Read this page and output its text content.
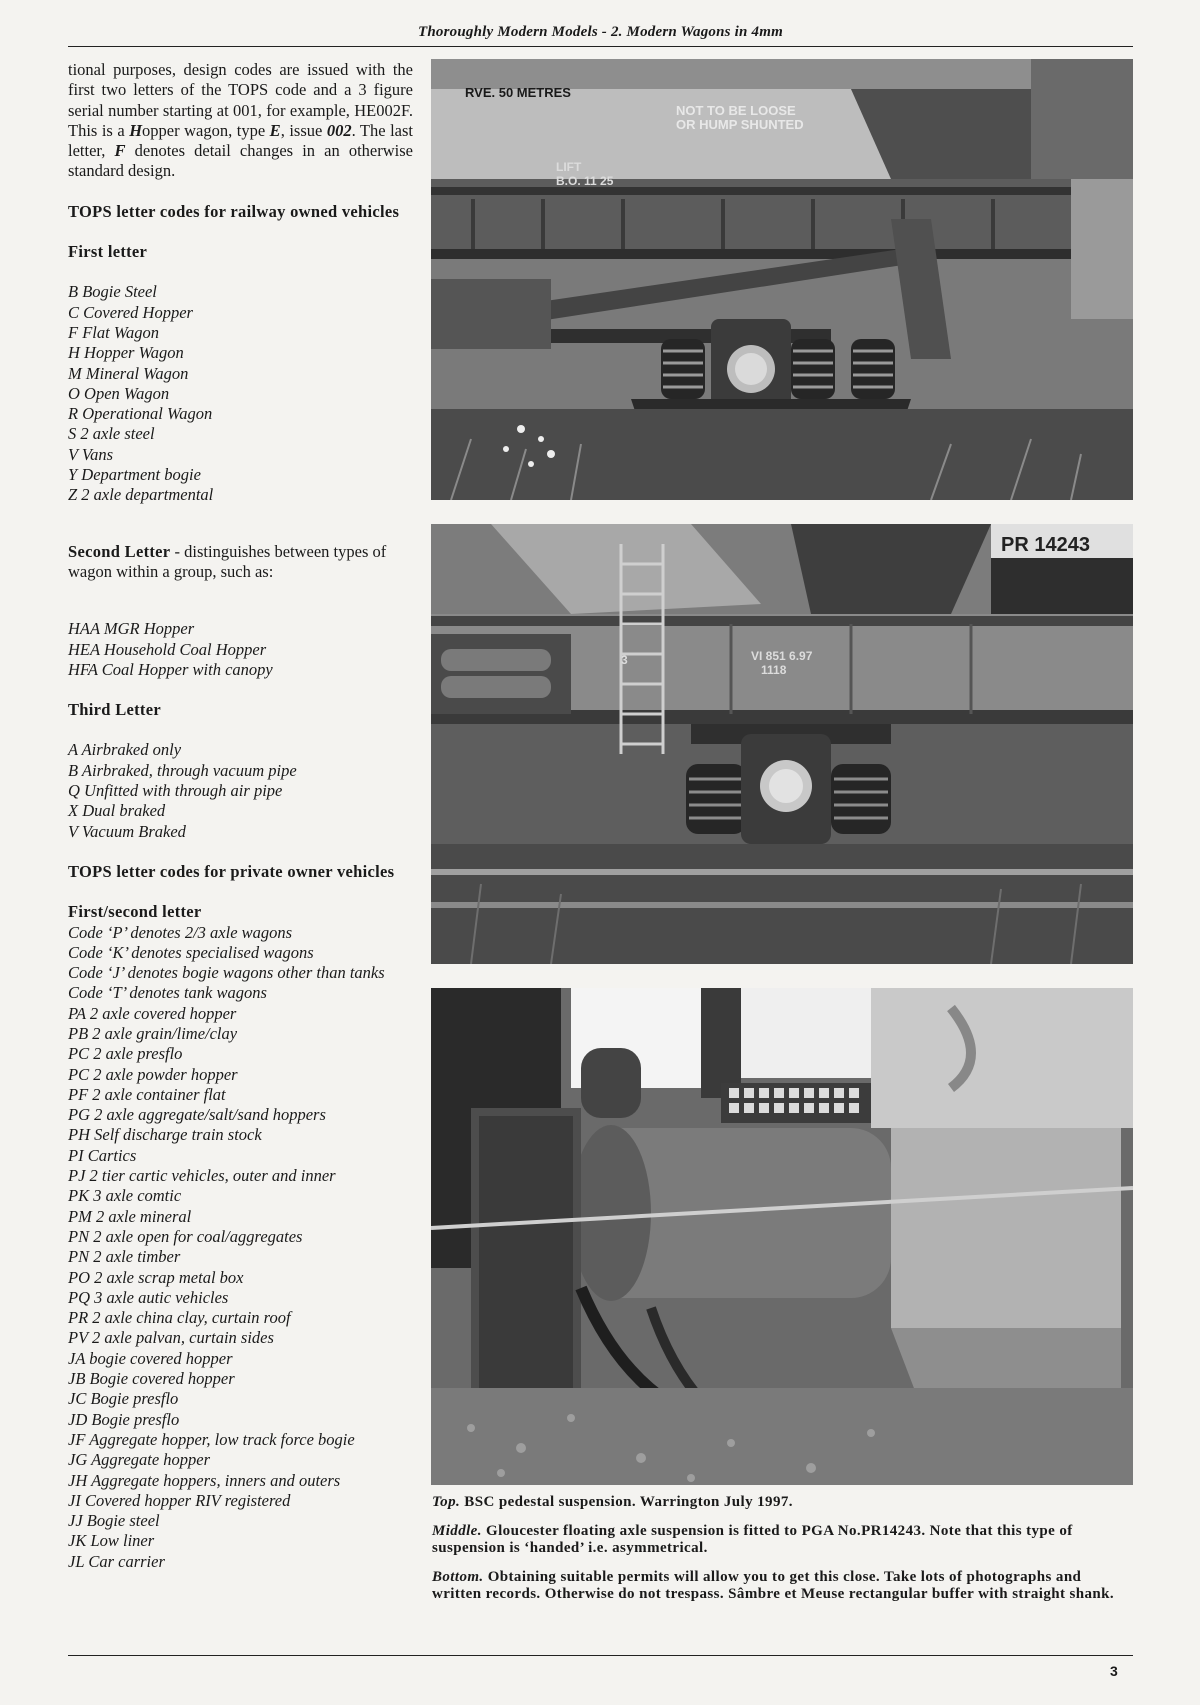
Thoroughly Modern Models - 2. Modern Wagons in 4mm

tional purposes, design codes are issued with the first two letters of the TOPS code and a 3 figure serial number starting at 001, for example, HE002F. This is a Hopper wagon, type E, issue 002. The last letter, F denotes detail changes in an otherwise standard design.

TOPS letter codes for railway owned vehicles

First letter

B Bogie Steel
C Covered Hopper
F Flat Wagon
H Hopper Wagon
M Mineral Wagon
O Open Wagon
R Operational Wagon
S 2 axle steel
V Vans
Y Department bogie
Z 2 axle departmental

Second Letter - distinguishes between types of wagon within a group, such as:

HAA MGR Hopper
HEA Household Coal Hopper
HFA Coal Hopper with canopy

Third Letter

A Airbraked only
B Airbraked, through vacuum pipe
Q Unfitted with through air pipe
X Dual braked
V Vacuum Braked

TOPS letter codes for private owner vehicles

First/second letter

Code ‘P’ denotes 2/3 axle wagons
Code ‘K’ denotes specialised wagons
Code ‘J’ denotes bogie wagons other than tanks
Code ‘T’ denotes tank wagons
PA 2 axle covered hopper
PB 2 axle grain/lime/clay
PC 2 axle presflo
PC 2 axle powder hopper
PF 2 axle container flat
PG 2 axle aggregate/salt/sand hoppers
PH Self discharge train stock
PI Cartics
PJ 2 tier cartic vehicles, outer and inner
PK 3 axle comtic
PM 2 axle mineral
PN 2 axle open for coal/aggregates
PN 2 axle timber
PO 2 axle scrap metal box
PQ 3 axle autic vehicles
PR 2 axle china clay, curtain roof
PV 2 axle palvan, curtain sides
JA bogie covered hopper
JB Bogie covered hopper
JC Bogie presflo
JD Bogie presflo
JF Aggregate hopper, low track force bogie
JG Aggregate hopper
JH Aggregate hoppers, inners and outers
JI Covered hopper RIV registered
JJ Bogie steel
JK Low liner
JL Car carrier
RVE. 50 METRES
NOT TO BE LOOSE
OR HUMP SHUNTED
LIFT
B.O. 11 25
PR 14243
3	VI 851 6.97
1118

Top. BSC pedestal suspension. Warrington July 1997.

Middle. Gloucester floating axle suspension is fitted to PGA No.PR14243. Note that this type of suspension is ‘handed’ i.e. asymmetrical.

Bottom. Obtaining suitable permits will allow you to get this close. Take lots of photographs and written records. Otherwise do not trespass. Sâmbre et Meuse rectangular buffer with straight shank.

3
